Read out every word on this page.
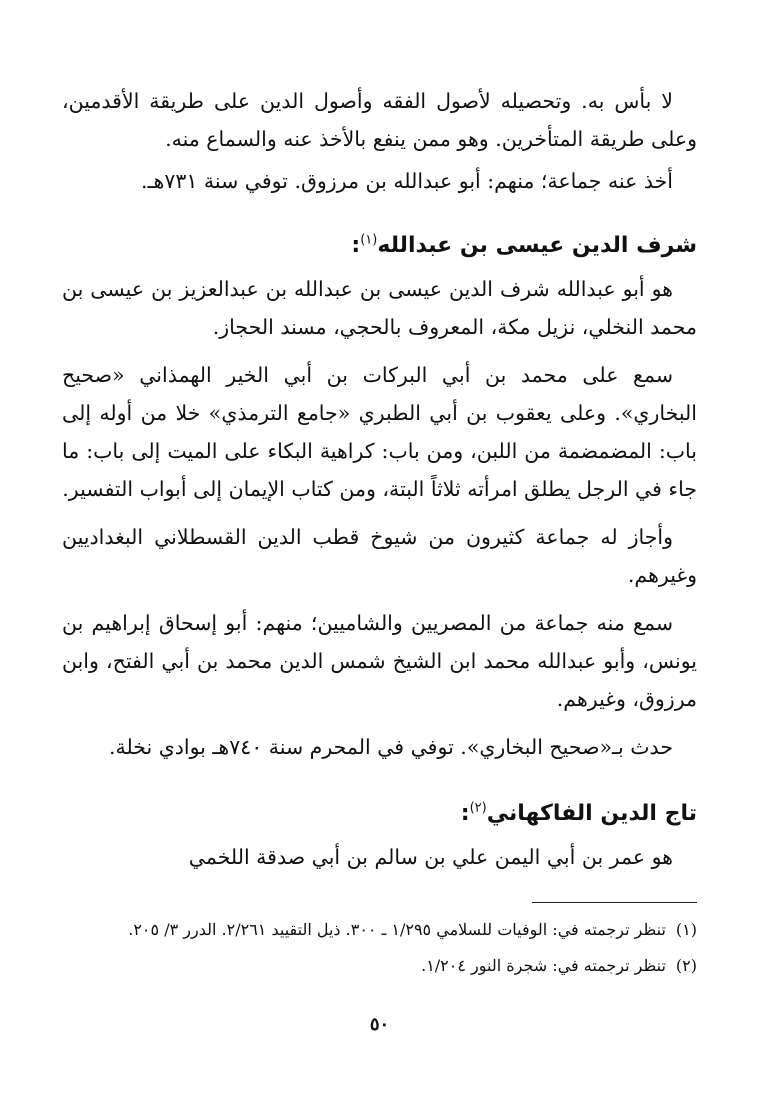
لا بأس به. وتحصيله لأصول الفقه وأصول الدين على طريقة الأقدمين، وعلى طريقة المتأخرين. وهو ممن ينفع بالأخذ عنه والسماع منه.

أخذ عنه جماعة؛ منهم: أبو عبدالله بن مرزوق. توفي سنة ٧٣١هـ.

شرف الدين عيسى بن عبدالله$^{(١)}$:

هو أبو عبدالله شرف الدين عيسى بن عبدالله بن عبدالعزيز بن عيسى بن محمد النخلي، نزيل مكة، المعروف بالحجي، مسند الحجاز.

سمع على محمد بن أبي البركات بن أبي الخير الهمذاني «صحيح البخاري». وعلى يعقوب بن أبي الطبري «جامع الترمذي» خلا من أوله إلى باب: المضمضمة من اللبن، ومن باب: كراهية البكاء على الميت إلى باب: ما جاء في الرجل يطلق امرأته ثلاثاً البتة، ومن كتاب الإيمان إلى أبواب التفسير.

وأجاز له جماعة كثيرون من شيوخ قطب الدين القسطلاني البغداديين وغيرهم.

سمع منه جماعة من المصريين والشاميين؛ منهم: أبو إسحاق إبراهيم بن يونس، وأبو عبدالله محمد ابن الشيخ شمس الدين محمد بن أبي الفتح، وابن مرزوق، وغيرهم.

حدث بـ«صحيح البخاري». توفي في المحرم سنة ٧٤٠هـ بوادي نخلة.

تاج الدين الفاكهاني$^{(٢)}$:

هو عمر بن أبي اليمن علي بن سالم بن أبي صدقة اللخمي

(١)تنظر ترجمته في: الوفيات للسلامي ١/٢٩٥ ـ ٣٠٠. ذيل التقييد ٢/٢٦١. الدرر ٣/ ٢٠٥.

(٢)تنظر ترجمته في: شجرة النور ١/٢٠٤.

٥٠
